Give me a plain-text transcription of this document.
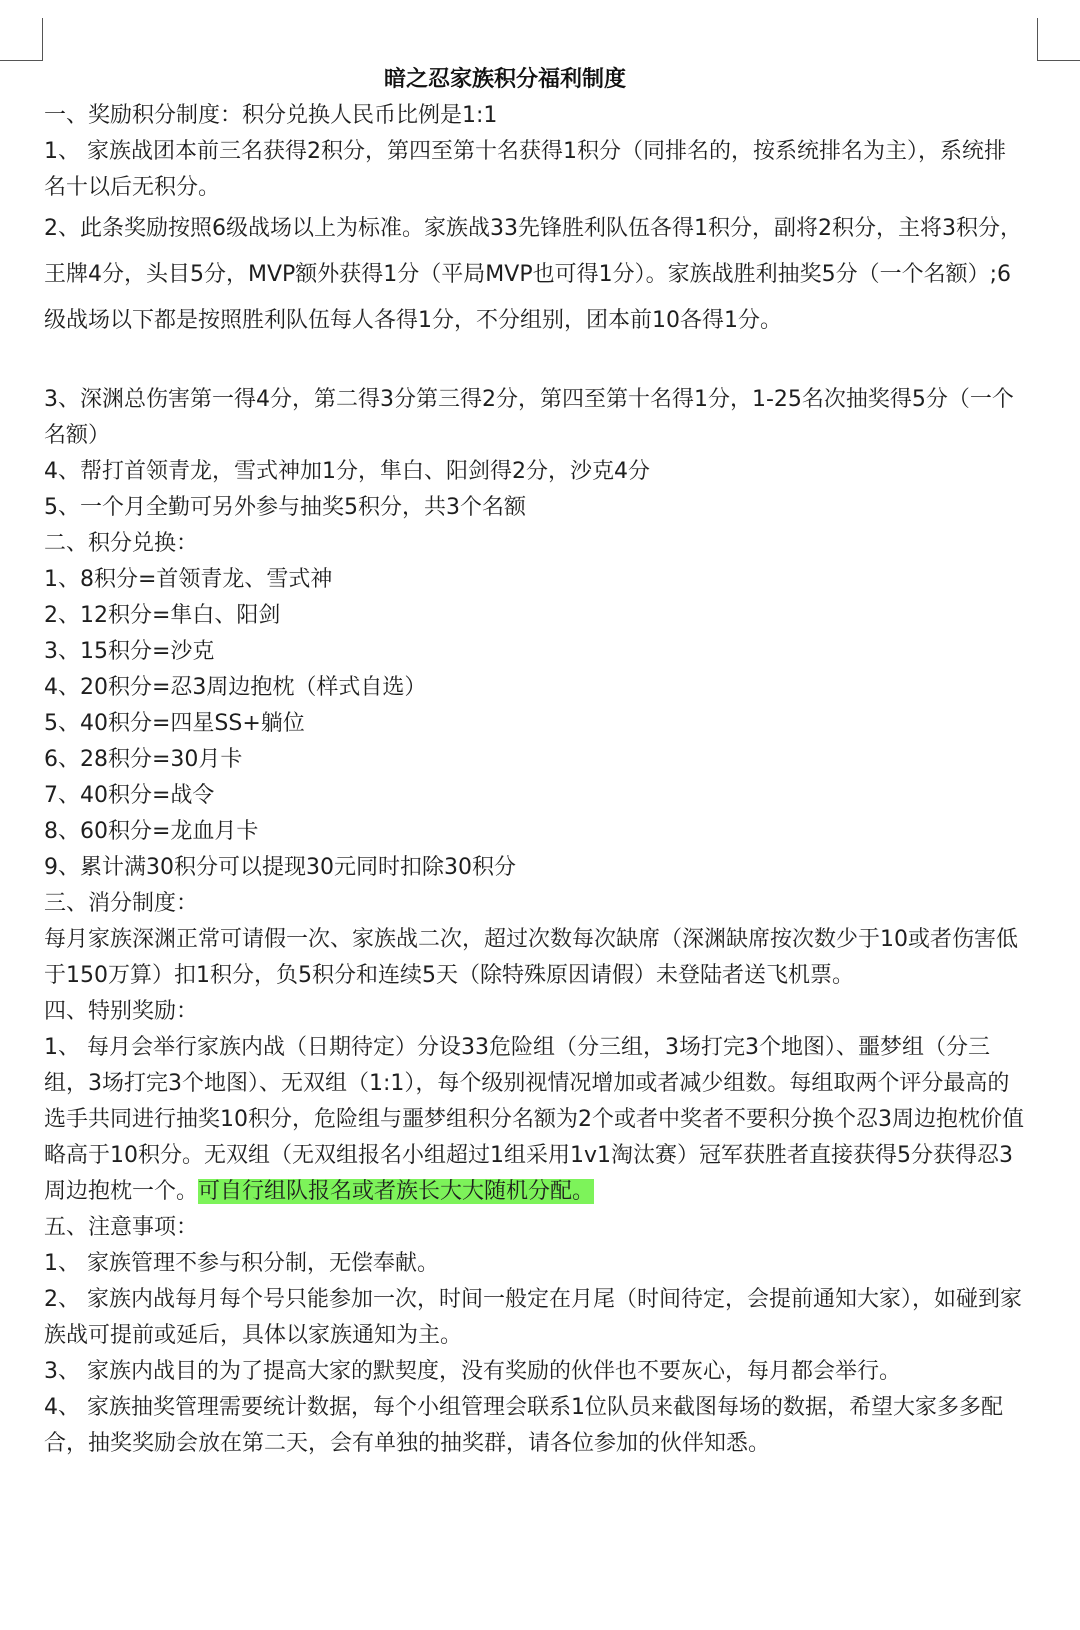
暗之忍家族积分福利制度

一、奖励积分制度：积分兑换人民币比例是1:1

1、 家族战团本前三名获得2积分，第四至第十名获得1积分（同排名的，按系统排名为主），系统排名十以后无积分。

2、此条奖励按照6级战场以上为标准。家族战33先锋胜利队伍各得1积分，副将2积分，主将3积分，王牌4分，头目5分，MVP额外获得1分（平局MVP也可得1分）。家族战胜利抽奖5分（一个名额）;6级战场以下都是按照胜利队伍每人各得1分，不分组别，团本前10各得1分。

3、深渊总伤害第一得4分，第二得3分第三得2分，第四至第十名得1分，1-25名次抽奖得5分（一个名额）

4、帮打首领青龙，雪式神加1分，隼白、阳剑得2分，沙克4分

5、一个月全勤可另外参与抽奖5积分，共3个名额

二、积分兑换：

1、8积分=首领青龙、雪式神

2、12积分=隼白、阳剑

3、15积分=沙克

4、20积分=忍3周边抱枕（样式自选）

5、40积分=四星SS+躺位

6、28积分=30月卡

7、40积分=战令

8、60积分=龙血月卡

9、累计满30积分可以提现30元同时扣除30积分

三、消分制度：

每月家族深渊正常可请假一次、家族战二次，超过次数每次缺席（深渊缺席按次数少于10或者伤害低于150万算）扣1积分，负5积分和连续5天（除特殊原因请假）未登陆者送飞机票。

四、特别奖励：

1、 每月会举行家族内战（日期待定）分设33危险组（分三组，3场打完3个地图）、噩梦组（分三组，3场打完3个地图）、无双组（1:1），每个级别视情况增加或者减少组数。每组取两个评分最高的选手共同进行抽奖10积分，危险组与噩梦组积分名额为2个或者中奖者不要积分换个忍3周边抱枕价值略高于10积分。无双组（无双组报名小组超过1组采用1v1淘汰赛）冠军获胜者直接获得5分获得忍3周边抱枕一个。可自行组队报名或者族长大大随机分配。

五、注意事项：

1、 家族管理不参与积分制，无偿奉献。

2、 家族内战每月每个号只能参加一次，时间一般定在月尾（时间待定，会提前通知大家），如碰到家族战可提前或延后，具体以家族通知为主。

3、 家族内战目的为了提高大家的默契度，没有奖励的伙伴也不要灰心，每月都会举行。

4、 家族抽奖管理需要统计数据，每个小组管理会联系1位队员来截图每场的数据，希望大家多多配合，抽奖奖励会放在第二天，会有单独的抽奖群，请各位参加的伙伴知悉。
